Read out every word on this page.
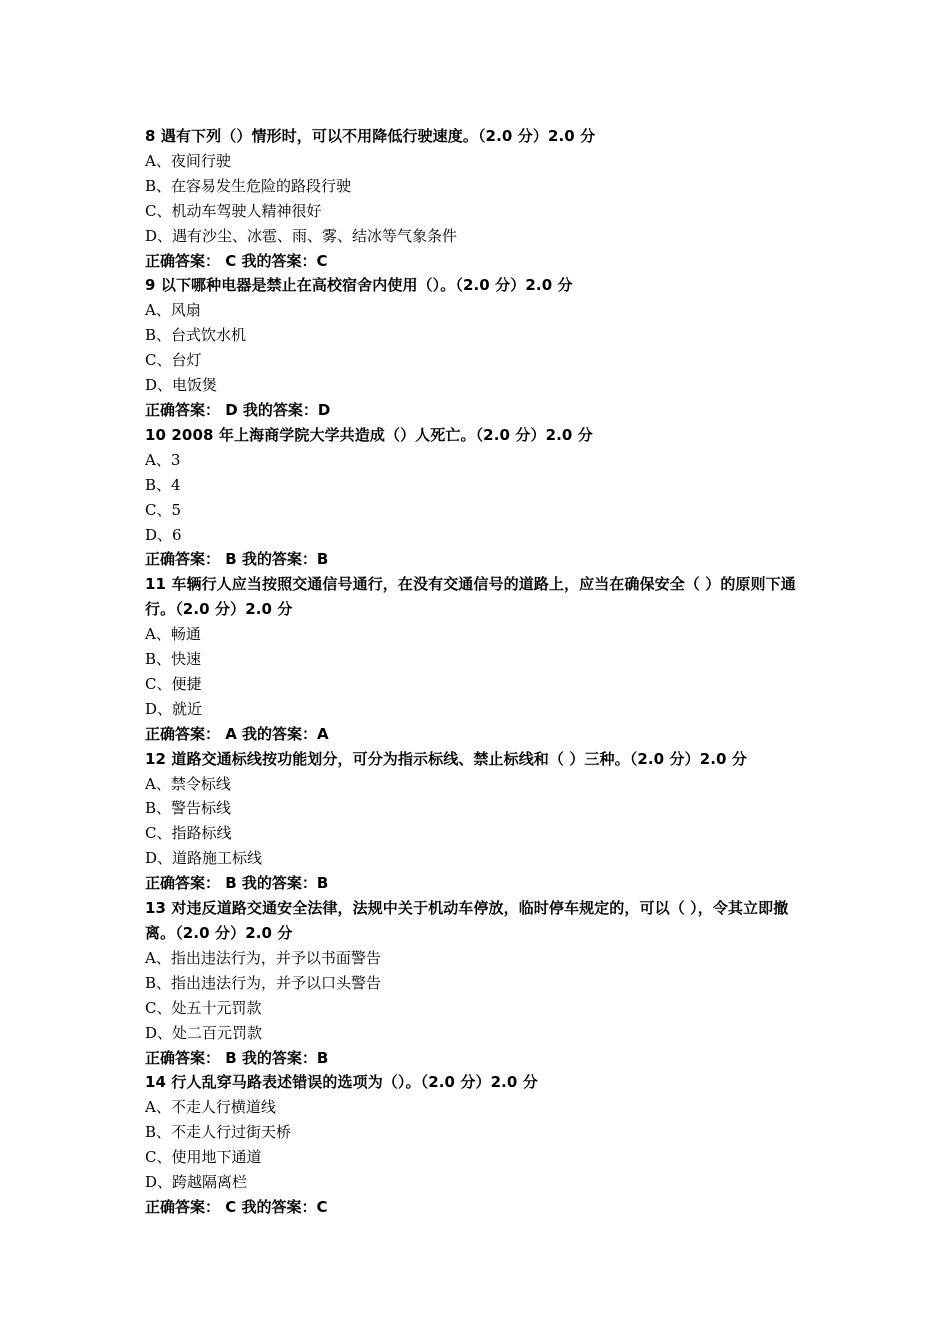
8 遇有下列（）情形时，可以不用降低行驶速度。（2.0 分）2.0 分

A、夜间行驶

B、在容易发生危险的路段行驶

C、机动车驾驶人精神很好

D、遇有沙尘、冰雹、雨、雾、结冰等气象条件

正确答案： C 我的答案：C

9 以下哪种电器是禁止在高校宿舍内使用（）。（2.0 分）2.0 分

A、风扇

B、台式饮水机

C、台灯

D、电饭煲

正确答案： D 我的答案：D

10 2008 年上海商学院大学共造成（）人死亡。（2.0 分）2.0 分

A、3

B、4

C、5

D、6

正确答案： B 我的答案：B

11 车辆行人应当按照交通信号通行，在没有交通信号的道路上，应当在确保安全（ ）的原则下通行。（2.0 分）2.0 分

A、畅通

B、快速

C、便捷

D、就近

正确答案： A 我的答案：A

12 道路交通标线按功能划分，可分为指示标线、禁止标线和（ ）三种。（2.0 分）2.0 分

A、禁令标线

B、警告标线

C、指路标线

D、道路施工标线

正确答案： B 我的答案：B

13 对违反道路交通安全法律，法规中关于机动车停放，临时停车规定的，可以（ ），令其立即撤离。（2.0 分）2.0 分

A、指出违法行为，并予以书面警告

B、指出违法行为，并予以口头警告

C、处五十元罚款

D、处二百元罚款

正确答案： B 我的答案：B

14 行人乱穿马路表述错误的选项为（）。（2.0 分）2.0 分

A、不走人行横道线

B、不走人行过街天桥

C、使用地下通道

D、跨越隔离栏

正确答案： C 我的答案：C
